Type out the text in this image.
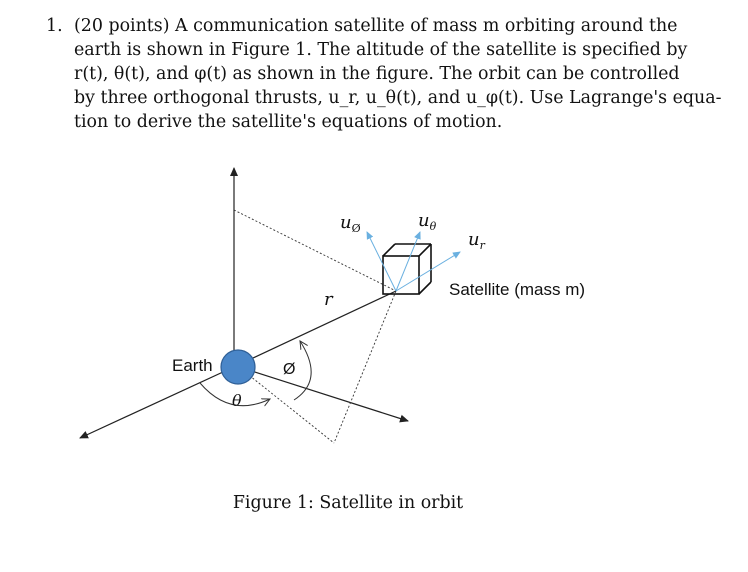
1. (20 points) A communication satellite of mass m orbiting around the
earth is shown in Figure 1. The altitude of the satellite is specified by
r(t), θ(t), and φ(t) as shown in the figure. The orbit can be controlled
by three orthogonal thrusts, u_r, u_θ(t), and u_φ(t). Use Lagrange's equa-
tion to derive the satellite's equations of motion.
Earth
Satellite (mass m)
r
Ø
θ
$u_Ø$	$u_\theta$
$u_r$
Figure 1: Satellite in orbit
